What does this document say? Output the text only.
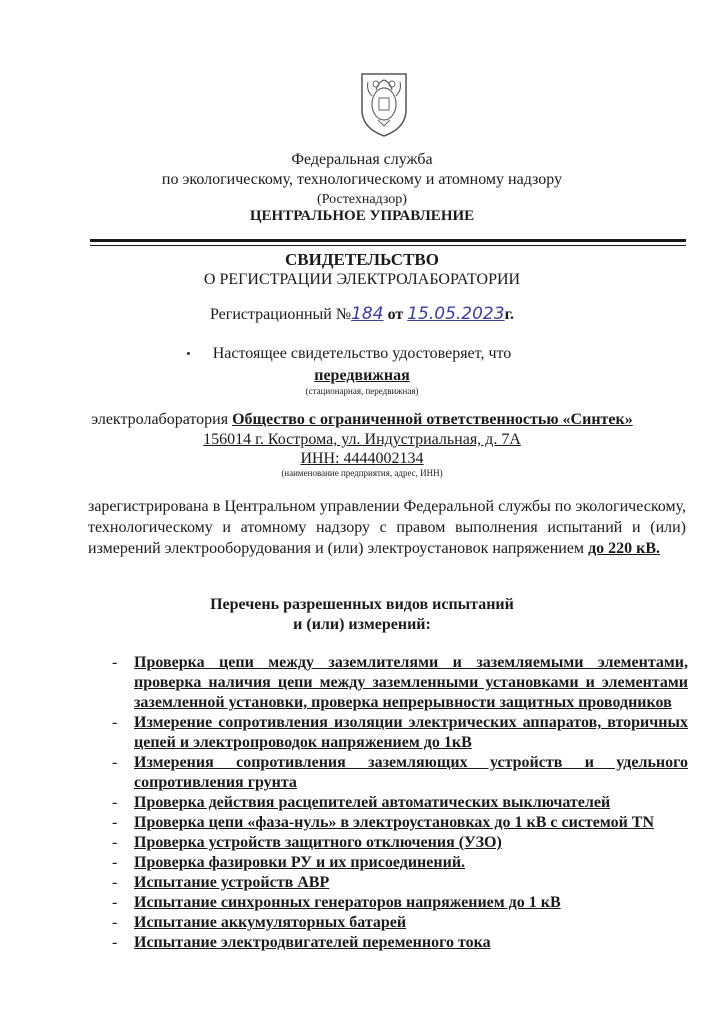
Федеральная служба
по экологическому, технологическому и атомному надзору
(Ростехнадзор)
ЦЕНТРАЛЬНОЕ УПРАВЛЕНИЕ
СВИДЕТЕЛЬСТВО
О РЕГИСТРАЦИИ ЭЛЕКТРОЛАБОРАТОРИИ
Регистрационный №184 от 15.05.2023г.
Настоящее свидетельство удостоверяет, что
передвижная
(стационарная, передвижная)
электролаборатория Общество с ограниченной ответственностью «Синтек»
156014 г. Кострома, ул. Индустриальная, д. 7А
ИНН: 4444002134
(наименование предприятия, адрес, ИНН)
зарегистрирована в Центральном управлении Федеральной службы по экологическому, технологическому и атомному надзору с правом выполнения испытаний и (или) измерений электрооборудования и (или) электроустановок напряжением до 220 кВ.
Перечень разрешенных видов испытаний
и (или) измерений:
- Проверка цепи между заземлителями и заземляемыми элементами, проверка наличия цепи между заземленными установками и элементами заземленной установки, проверка непрерывности защитных проводников
- Измерение сопротивления изоляции электрических аппаратов, вторичных цепей и электропроводок напряжением до 1кВ
- Измерения сопротивления заземляющих устройств и удельного сопротивления грунта
- Проверка действия расцепителей автоматических выключателей
- Проверка цепи «фаза-нуль» в электроустановках до 1 кВ с системой TN
- Проверка устройств защитного отключения (УЗО)
- Проверка фазировки РУ и их присоединений.
- Испытание устройств АВР
- Испытание синхронных генераторов напряжением до 1 кВ
- Испытание аккумуляторных батарей
- Испытание электродвигателей переменного тока
